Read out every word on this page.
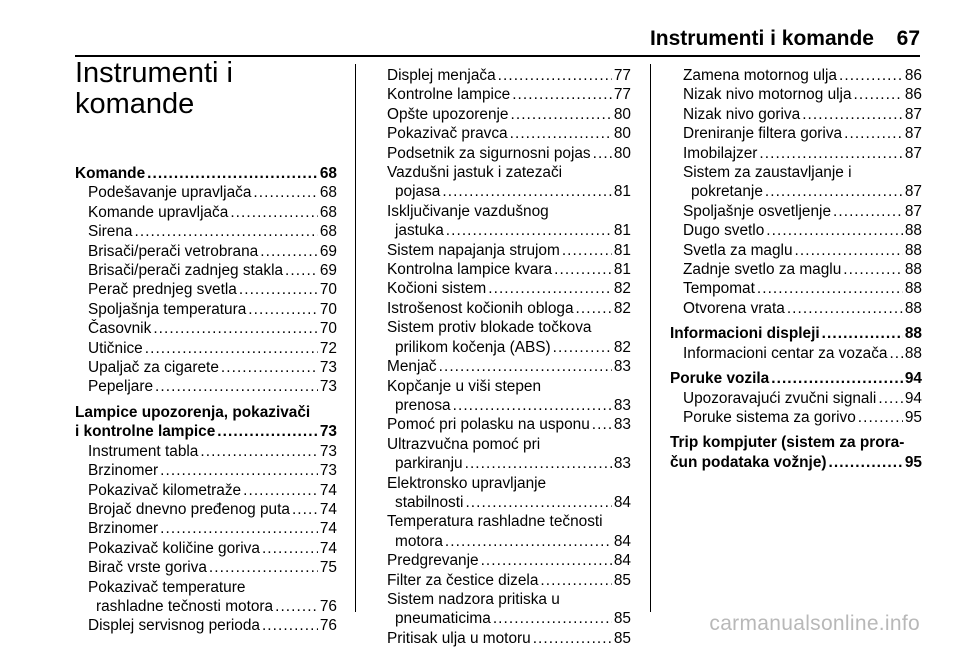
Instrumenti i komande 67
Instrumenti i
komande
Komande . . .	68
Podešavanje upravljača . . .	68
Komande upravljača . . .	68
Sirena . . .	68
Brisači/perači vetrobrana . . .	69
Brisači/perači zadnjeg stakla . . . 69
Perač prednjeg svetla . . .	70
Spoljašnja temperatura . . .	70
Časovnik . . .	70
Utičnice . . .	72
Upaljač za cigarete . . .	73
Pepeljare . . .	73
Lampice upozorenja, pokazivači
i kontrolne lampice . . .	73
Instrument tabla . . .	73
Brzinomer . . .	73
Pokazivač kilometraže . . .	74
Brojač dnevno pređenog puta . . . 74
Brzinomer . . .	74
Pokazivač količine goriva . . .	74
Birač vrste goriva . . .	75
Pokazivač temperature
rashladne tečnosti motora . . .	76
Displej servisnog perioda . . .	76
Displej menjača . . .	77
Kontrolne lampice . . .	77
Opšte upozorenje . . .	80
Pokazivač pravca . . .	80
Podsetnik za sigurnosni pojas . . . 80
Vazdušni jastuk i zatezači
pojasa . . .	81
Isključivanje vazdušnog
jastuka . . .	81
Sistem napajanja strujom . . .	81
Kontrolna lampice kvara . . .	81
Kočioni sistem . . .	82
Istrošenost kočionih obloga . . .	82
Sistem protiv blokade točkova
prilikom kočenja (ABS) . . .	82
Menjač . . .	83
Kopčanje u viši stepen
prenosa . . .	83
Pomoć pri polasku na usponu . . . 83
Ultrazvučna pomoć pri
parkiranju . . .	83
Elektronsko upravljanje
stabilnosti . . .	84
Temperatura rashladne tečnosti
motora . . .	84
Predgrevanje . . .	84
Filter za čestice dizela . . .	85
Sistem nadzora pritiska u
pneumaticima . . .	85
Pritisak ulja u motoru . . .	85
Zamena motornog ulja . . .	86
Nizak nivo motornog ulja . . .	86
Nizak nivo goriva . . .	87
Dreniranje filtera goriva . . .	87
Imobilajzer . . .	87
Sistem za zaustavljanje i
pokretanje . . .	87
Spoljašnje osvetljenje . . .	87
Dugo svetlo . . .	88
Svetla za maglu . . .	88
Zadnje svetlo za maglu . . .	88
Tempomat . . .	88
Otvorena vrata . . .	88
Informacioni displeji . . .	88
Informacioni centar za vozača . . . 88
Poruke vozila . . .	94
Upozoravajući zvučni signali . . . 94
Poruke sistema za gorivo . . .	95
Trip kompjuter (sistem za prora-
čun podataka vožnje) . . .	95
carmanualsonline.info
